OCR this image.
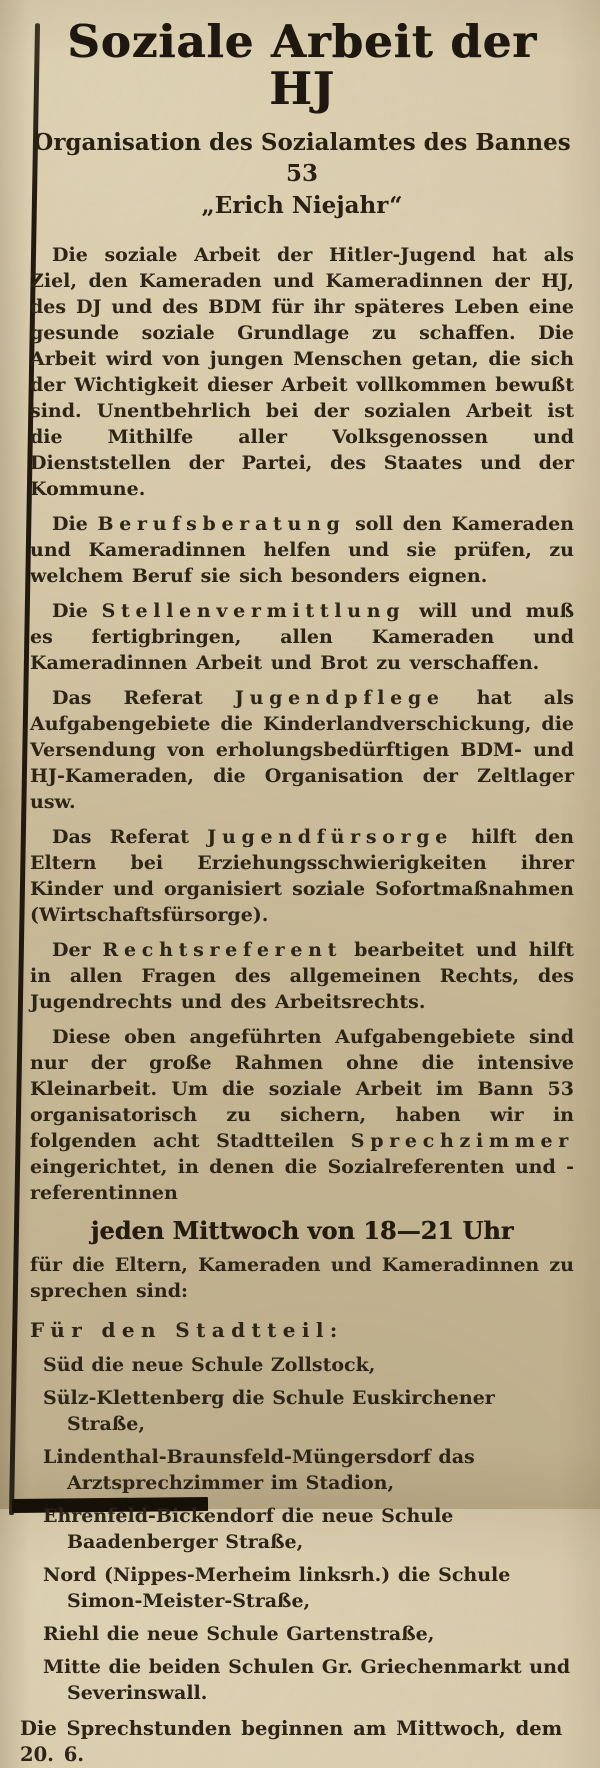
Soziale Arbeit der HJ
Organisation des Sozialamtes des Bannes 53
„Erich Niejahr“

Die soziale Arbeit der Hitler-Jugend hat als Ziel, den Kameraden und Kameradinnen der HJ, des DJ und des BDM für ihr späteres Leben eine gesunde soziale Grundlage zu schaffen. Die Arbeit wird von jungen Menschen getan, die sich der Wichtigkeit dieser Arbeit vollkommen bewußt sind. Unentbehrlich bei der sozialen Arbeit ist die Mithilfe aller Volksgenossen und Dienststellen der Partei, des Staates und der Kommune.

Die Berufsberatung soll den Kameraden und Kameradinnen helfen und sie prüfen, zu welchem Beruf sie sich besonders eignen.

Die Stellenvermittlung will und muß es fertigbringen, allen Kameraden und Kameradinnen Arbeit und Brot zu verschaffen.

Das Referat Jugendpflege hat als Aufgabengebiete die Kinderlandverschickung, die Versendung von erholungsbedürftigen BDM- und HJ-Kameraden, die Organisation der Zeltlager usw.

Das Referat Jugendfürsorge hilft den Eltern bei Erziehungsschwierigkeiten ihrer Kinder und organisiert soziale Sofortmaßnahmen (Wirtschaftsfürsorge).

Der Rechtsreferent bearbeitet und hilft in allen Fragen des allgemeinen Rechts, des Jugendrechts und des Arbeitsrechts.

Diese oben angeführten Aufgabengebiete sind nur der große Rahmen ohne die intensive Kleinarbeit. Um die soziale Arbeit im Bann 53 organisatorisch zu sichern, haben wir in folgenden acht Stadtteilen Sprechzimmer eingerichtet, in denen die Sozialreferenten und -referentinnen

jeden Mittwoch von 18—21 Uhr

für die Eltern, Kameraden und Kameradinnen zu sprechen sind:

Für den Stadtteil:

Süd die neue Schule Zollstock,
Sülz-Klettenberg die Schule Euskirchener Straße,
Lindenthal-Braunsfeld-Müngersdorf das Arztsprechzimmer im Stadion,
Ehrenfeld-Bickendorf die neue Schule Baadenberger Straße,
Nord (Nippes-Merheim linksrh.) die Schule Simon-Meister-Straße,
Riehl die neue Schule Gartenstraße,
Mitte die beiden Schulen Gr. Griechenmarkt und Severinswall.

Die Sprechstunden beginnen am Mittwoch, dem 20. 6.
